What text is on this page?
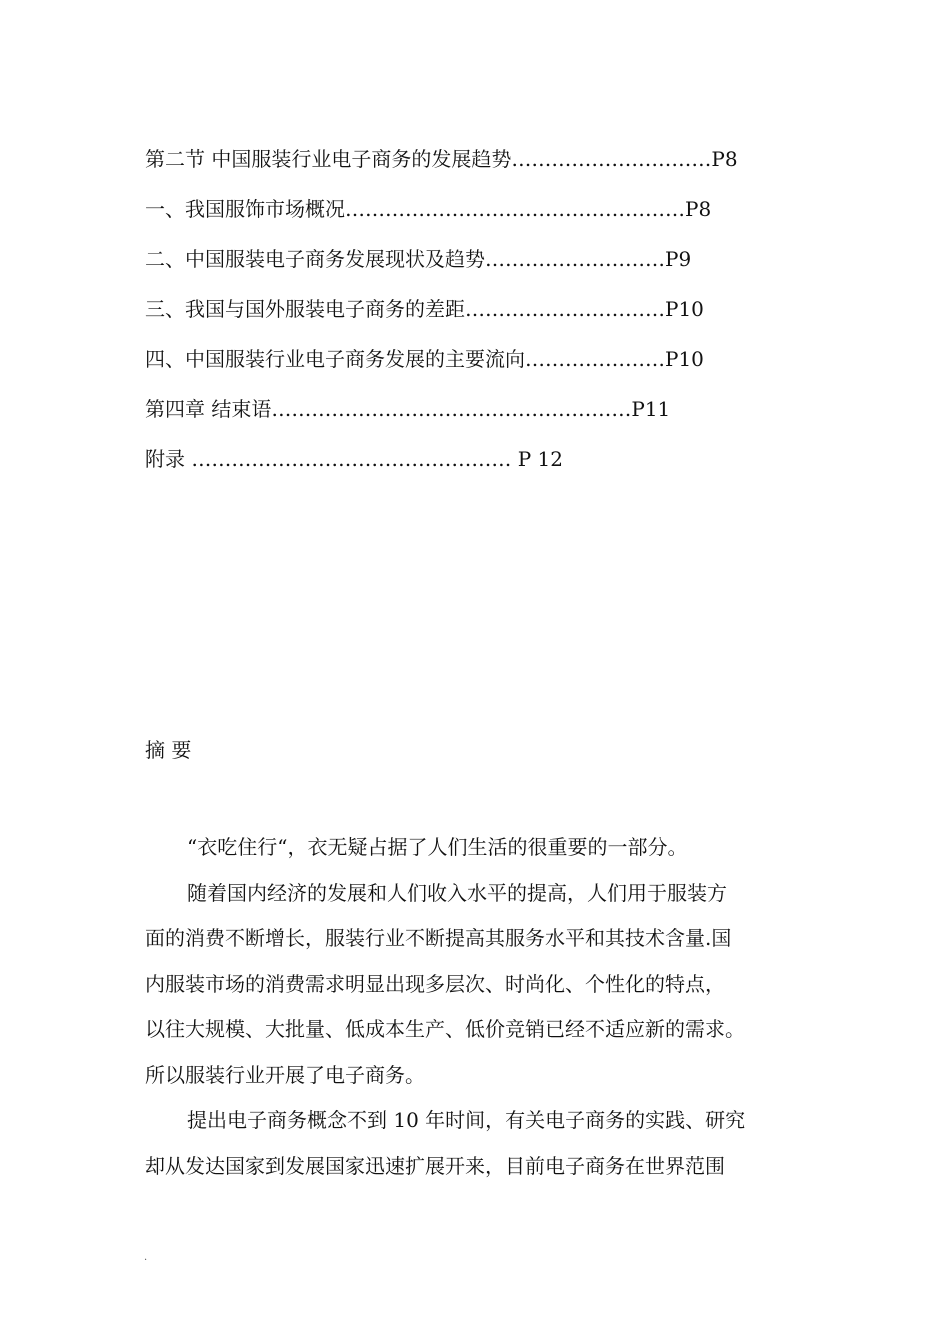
第二节 中国服装行业电子商务的发展趋势…………………………P8
一、我国服饰市场概况……………………………………………P8
二、中国服装电子商务发展现状及趋势………………………P9
三、我国与国外服装电子商务的差距…………………………P10
四、中国服装行业电子商务发展的主要流向…………………P10
第四章 结束语………………………………………………P11
附录 ………………………………………… P 12
摘 要
“衣吃住行“，衣无疑占据了人们生活的很重要的一部分。
随着国内经济的发展和人们收入水平的提高，人们用于服装方
面的消费不断增长，服装行业不断提高其服务水平和其技术含量.国
内服装市场的消费需求明显出现多层次、时尚化、个性化的特点，
以往大规模、大批量、低成本生产、低价竞销已经不适应新的需求。
所以服装行业开展了电子商务。
提出电子商务概念不到 10 年时间，有关电子商务的实践、研究
却从发达国家到发展国家迅速扩展开来，目前电子商务在世界范围
.
